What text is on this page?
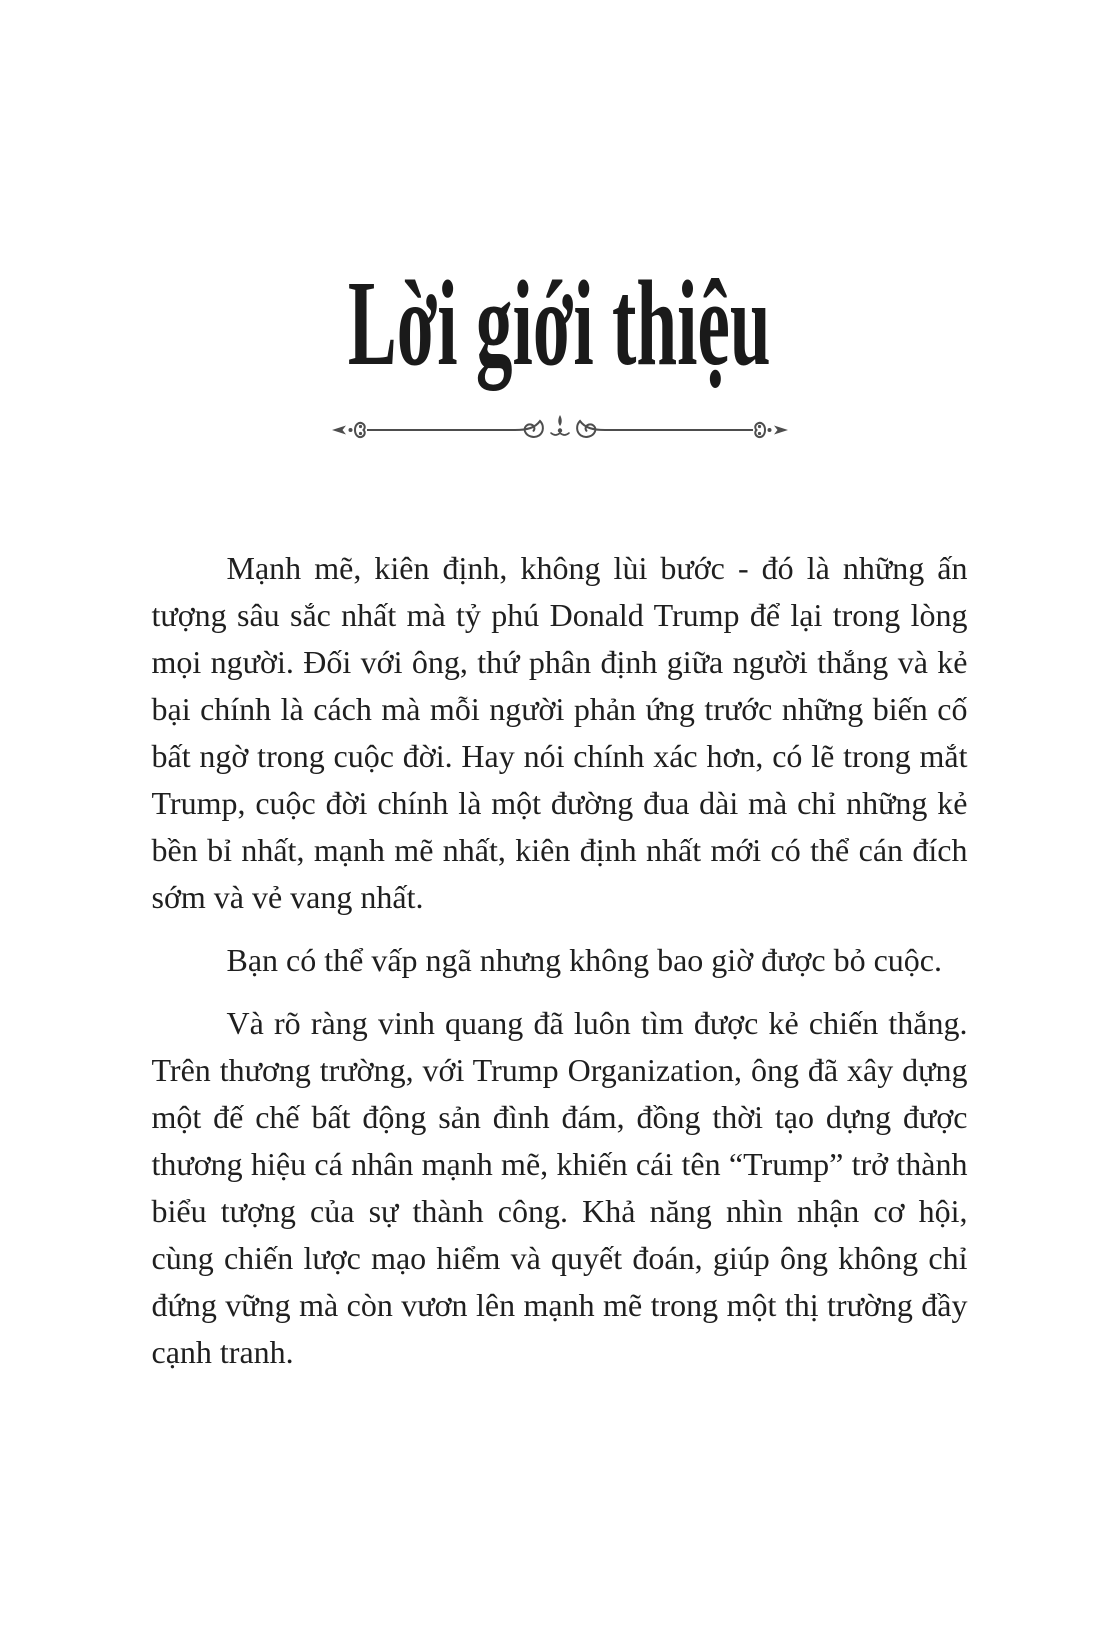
Lời giới thiệu

Mạnh mẽ, kiên định, không lùi bước - đó là những ấn tượng sâu sắc nhất mà tỷ phú Donald Trump để lại trong lòng mọi người. Đối với ông, thứ phân định giữa người thắng và kẻ bại chính là cách mà mỗi người phản ứng trước những biến cố bất ngờ trong cuộc đời. Hay nói chính xác hơn, có lẽ trong mắt Trump, cuộc đời chính là một đường đua dài mà chỉ những kẻ bền bỉ nhất, mạnh mẽ nhất, kiên định nhất mới có thể cán đích sớm và vẻ vang nhất.

Bạn có thể vấp ngã nhưng không bao giờ được bỏ cuộc.

Và rõ ràng vinh quang đã luôn tìm được kẻ chiến thắng. Trên thương trường, với Trump Organization, ông đã xây dựng một đế chế bất động sản đình đám, đồng thời tạo dựng được thương hiệu cá nhân mạnh mẽ, khiến cái tên “Trump” trở thành biểu tượng của sự thành công. Khả năng nhìn nhận cơ hội, cùng chiến lược mạo hiểm và quyết đoán, giúp ông không chỉ đứng vững mà còn vươn lên mạnh mẽ trong một thị trường đầy cạnh tranh.
